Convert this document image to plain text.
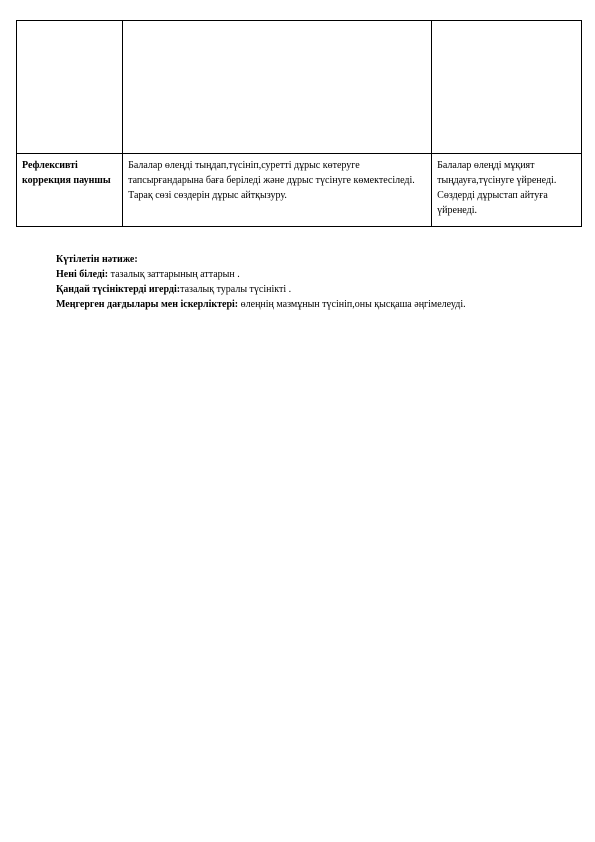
Рефлексивті коррекция пауншы	Балалар өлеңді тыңдап,түсініп,суретті дұрыс көтеруге тапсырғандарына баға беріледі және дұрыс түсінуге көмектесіледі. Тарақ сөзі сөздерін дұрыс айтқызуру.	Балалар өлеңді мұқият тыңдауға,түсінуге үйренеді. Сөздерді дұрыстап айтуға үйренеді.
Күтілетін нәтиже:
Нені біледі: тазалық заттарының аттарын .
Қандай түсініктерді игерді:тазалық туралы түсінікті .
Меңгерген дағдылары мен іскерліктері: өлеңнің мазмұнын түсініп,оны қысқаша әңгімелеуді.
